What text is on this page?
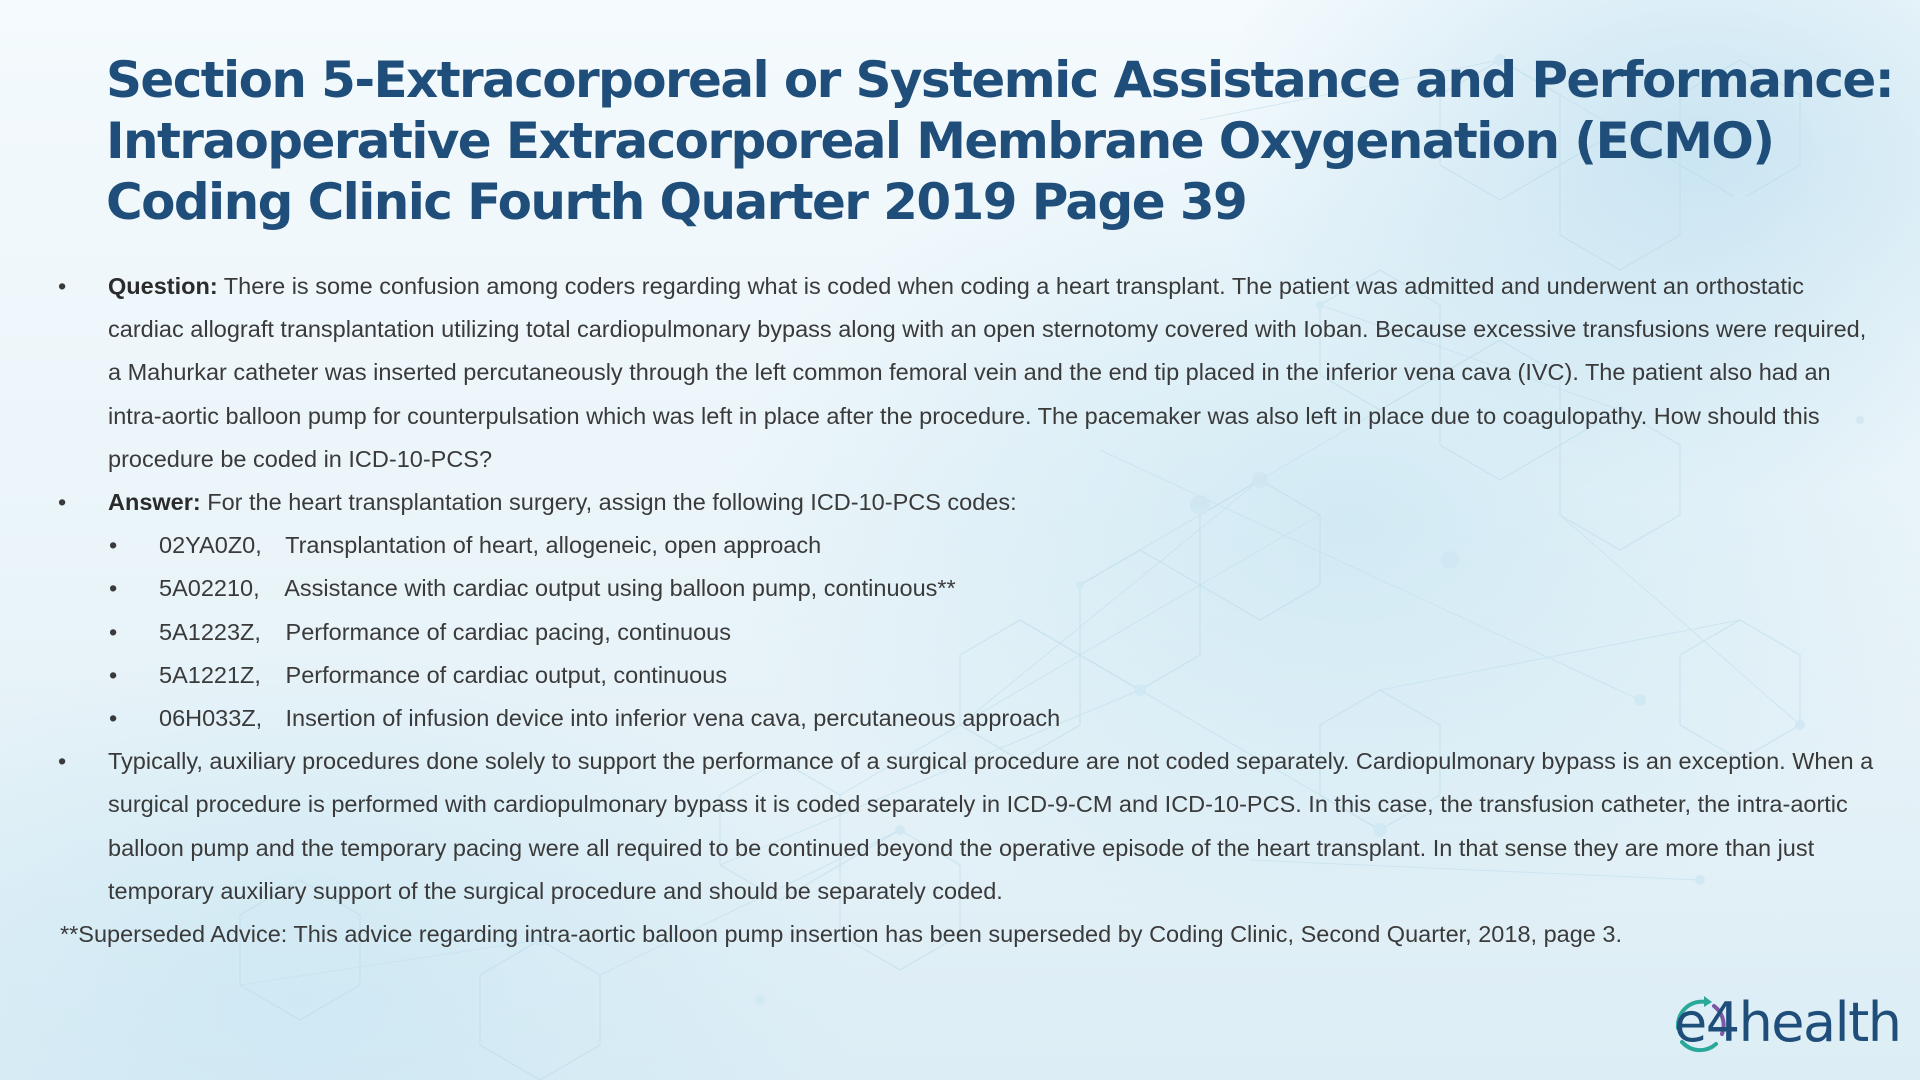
Section 5-Extracorporeal or Systemic Assistance and Performance:
Intraoperative Extracorporeal Membrane Oxygenation (ECMO)
Coding Clinic Fourth Quarter 2019 Page 39
• Question: There is some confusion among coders regarding what is coded when coding a heart transplant. The patient was admitted and underwent an orthostatic cardiac allograft transplantation utilizing total cardiopulmonary bypass along with an open sternotomy covered with Ioban. Because excessive transfusions were required, a Mahurkar catheter was inserted percutaneously through the left common femoral vein and the end tip placed in the inferior vena cava (IVC). The patient also had an intra-aortic balloon pump for counterpulsation which was left in place after the procedure. The pacemaker was also left in place due to coagulopathy. How should this procedure be coded in ICD-10-PCS?
• Answer: For the heart transplantation surgery, assign the following ICD-10-PCS codes:
• 02YA0Z0, Transplantation of heart, allogeneic, open approach
• 5A02210, Assistance with cardiac output using balloon pump, continuous**
• 5A1223Z, Performance of cardiac pacing, continuous
• 5A1221Z, Performance of cardiac output, continuous
• 06H033Z, Insertion of infusion device into inferior vena cava, percutaneous approach
• Typically, auxiliary procedures done solely to support the performance of a surgical procedure are not coded separately. Cardiopulmonary bypass is an exception. When a surgical procedure is performed with cardiopulmonary bypass it is coded separately in ICD-9-CM and ICD-10-PCS. In this case, the transfusion catheter, the intra-aortic balloon pump and the temporary pacing were all required to be continued beyond the operative episode of the heart transplant. In that sense they are more than just temporary auxiliary support of the surgical procedure and should be separately coded.
**Superseded Advice: This advice regarding intra-aortic balloon pump insertion has been superseded by Coding Clinic, Second Quarter, 2018, page 3.
e4health
